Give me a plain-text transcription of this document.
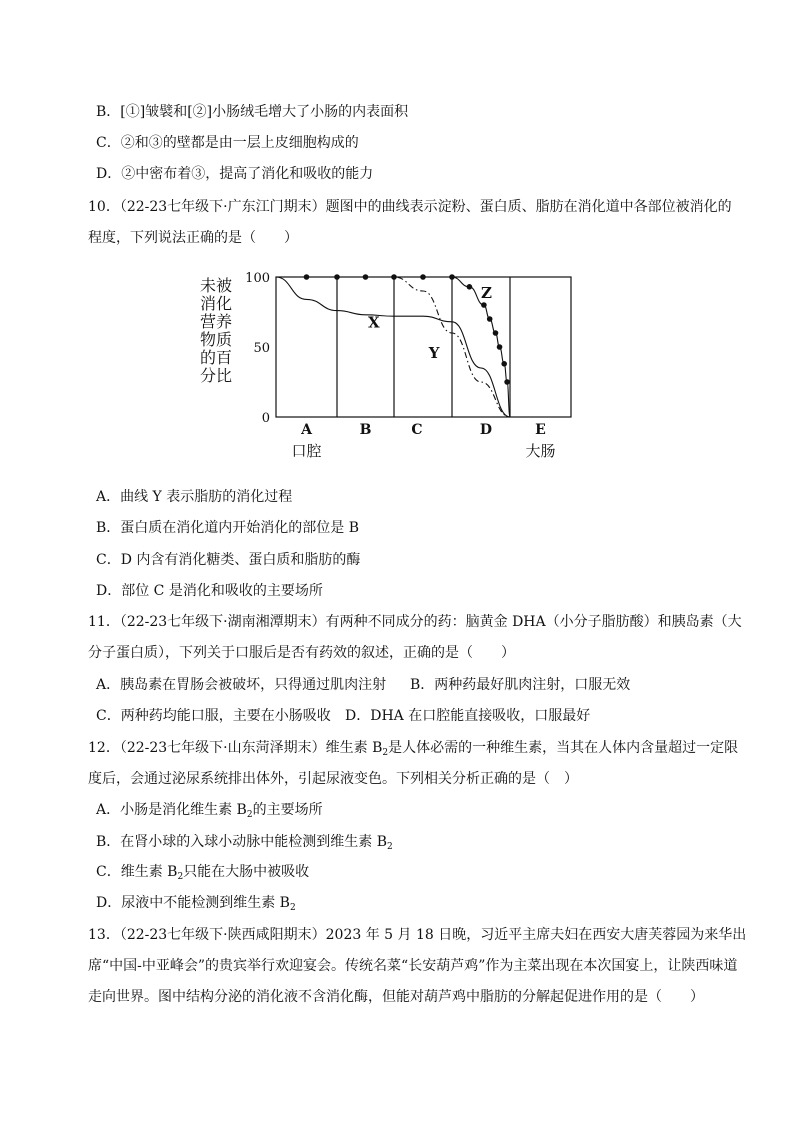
B．[①]皱襞和[②]小肠绒毛增大了小肠的内表面积
C．②和③的壁都是由一层上皮细胞构成的
D．②中密布着③，提高了消化和吸收的能力
10．（22-23七年级下·广东江门期末）题图中的曲线表示淀粉、蛋白质、脂肪在消化道中各部位被消化的
程度，下列说法正确的是（　　）
未被
消化
营养
物质
的百
分比
100
50
0
A	B	C	D	E
口腔	大肠
X
Y
Z
A．曲线 Y 表示脂肪的消化过程
B．蛋白质在消化道内开始消化的部位是 B
C．D 内含有消化糖类、蛋白质和脂肪的酶
D．部位 C 是消化和吸收的主要场所
11．（22-23七年级下·湖南湘潭期末）有两种不同成分的药：脑黄金 DHA（小分子脂肪酸）和胰岛素（大
分子蛋白质），下列关于口服后是否有药效的叙述，正确的是（　　）
A．胰岛素在胃肠会被破坏，只得通过肌肉注射 B．两种药最好肌肉注射，口服无效
C．两种药均能口服，主要在小肠吸收 D．DHA 在口腔能直接吸收，口服最好
12．（22-23七年级下·山东菏泽期末）维生素 $B_2$是人体必需的一种维生素，当其在人体内含量超过一定限
度后，会通过泌尿系统排出体外，引起尿液变色。下列相关分析正确的是（　）
A．小肠是消化维生素 $B_2$的主要场所
B．在肾小球的入球小动脉中能检测到维生素 $B_2$
C．维生素 $B_2$只能在大肠中被吸收
D．尿液中不能检测到维生素 $B_2$
13．（22-23七年级下·陕西咸阳期末）2023 年 5 月 18 日晚，习近平主席夫妇在西安大唐芙蓉园为来华出
席“中国-中亚峰会”的贵宾举行欢迎宴会。传统名菜“长安葫芦鸡”作为主菜出现在本次国宴上，让陕西味道
走向世界。图中结构分泌的消化液不含消化酶，但能对葫芦鸡中脂肪的分解起促进作用的是（　　）
